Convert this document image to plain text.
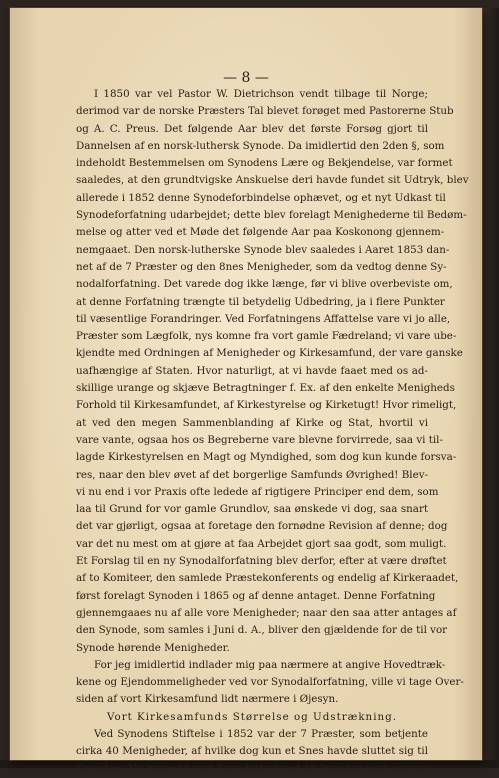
— 8 —
I 1850 var vel Pastor W. Dietrichson vendt tilbage til Norge;
derimod var de norske Præsters Tal blevet forøget med Pastorerne Stub
og A. C. Preus. Det følgende Aar blev det første Forsøg gjort til
Dannelsen af en norsk-luthersk Synode. Da imidlertid den 2den §, som
indeholdt Bestemmelsen om Synodens Lære og Bekjendelse, var formet
saaledes, at den grundtvigske Anskuelse deri havde fundet sit Udtryk, blev
allerede i 1852 denne Synodeforbindelse ophævet, og et nyt Udkast til
Synodeforfatning udarbejdet; dette blev forelagt Menighederne til Bedøm-
melse og atter ved et Møde det følgende Aar paa Koskonong gjennem-
nemgaaet. Den norsk-lutherske Synode blev saaledes i Aaret 1853 dan-
net af de 7 Præster og den 8nes Menigheder, som da vedtog denne Sy-
nodalforfatning. Det varede dog ikke længe, før vi blive overbeviste om,
at denne Forfatning trængte til betydelig Udbedring, ja i flere Punkter
til væsentlige Forandringer. Ved Forfatningens Affattelse vare vi jo alle,
Præster som Lægfolk, nys komne fra vort gamle Fædreland; vi vare ube-
kjendte med Ordningen af Menigheder og Kirkesamfund, der vare ganske
uafhængige af Staten. Hvor naturligt, at vi havde faaet med os ad-
skillige urange og skjæve Betragtninger f. Ex. af den enkelte Menigheds
Forhold til Kirkesamfundet, af Kirkestyrelse og Kirketugt! Hvor rimeligt,
at ved den megen Sammenblanding af Kirke og Stat, hvortil vi
vare vante, ogsaa hos os Begreberne vare blevne forvirrede, saa vi til-
lagde Kirkestyrelsen en Magt og Myndighed, som dog kun kunde forsva-
res, naar den blev øvet af det borgerlige Samfunds Øvrighed! Blev-
vi nu end i vor Praxis ofte ledede af rigtigere Principer end dem, som
laa til Grund for vor gamle Grundlov, saa ønskede vi dog, saa snart
det var gjørligt, ogsaa at foretage den fornødne Revision af denne; dog
var det nu mest om at gjøre at faa Arbejdet gjort saa godt, som muligt.
Et Forslag til en ny Synodalforfatning blev derfor, efter at være drøftet
af to Komiteer, den samlede Præstekonferents og endelig af Kirkeraadet,
først forelagt Synoden i 1865 og af denne antaget. Denne Forfatning
gjennemgaaes nu af alle vore Menigheder; naar den saa atter antages af
den Synode, som samles i Juni d. A., bliver den gjældende for de til vor
Synode hørende Menigheder.
For jeg imidlertid indlader mig paa nærmere at angive Hovedtræk-
kene og Ejendommeligheder ved vor Synodalforfatning, ville vi tage Over-
siden af vort Kirkesamfund lidt nærmere i Øjesyn.
Vort Kirkesamfunds Størrelse og Udstrækning.
Ved Synodens Stiftelse i 1852 var der 7 Præster, som betjente
cirka 40 Menigheder, af hvilke dog kun et Snes havde sluttet sig til
Synoden. Nu hører til vort Synodalforbund 38 Præster med omtrent
